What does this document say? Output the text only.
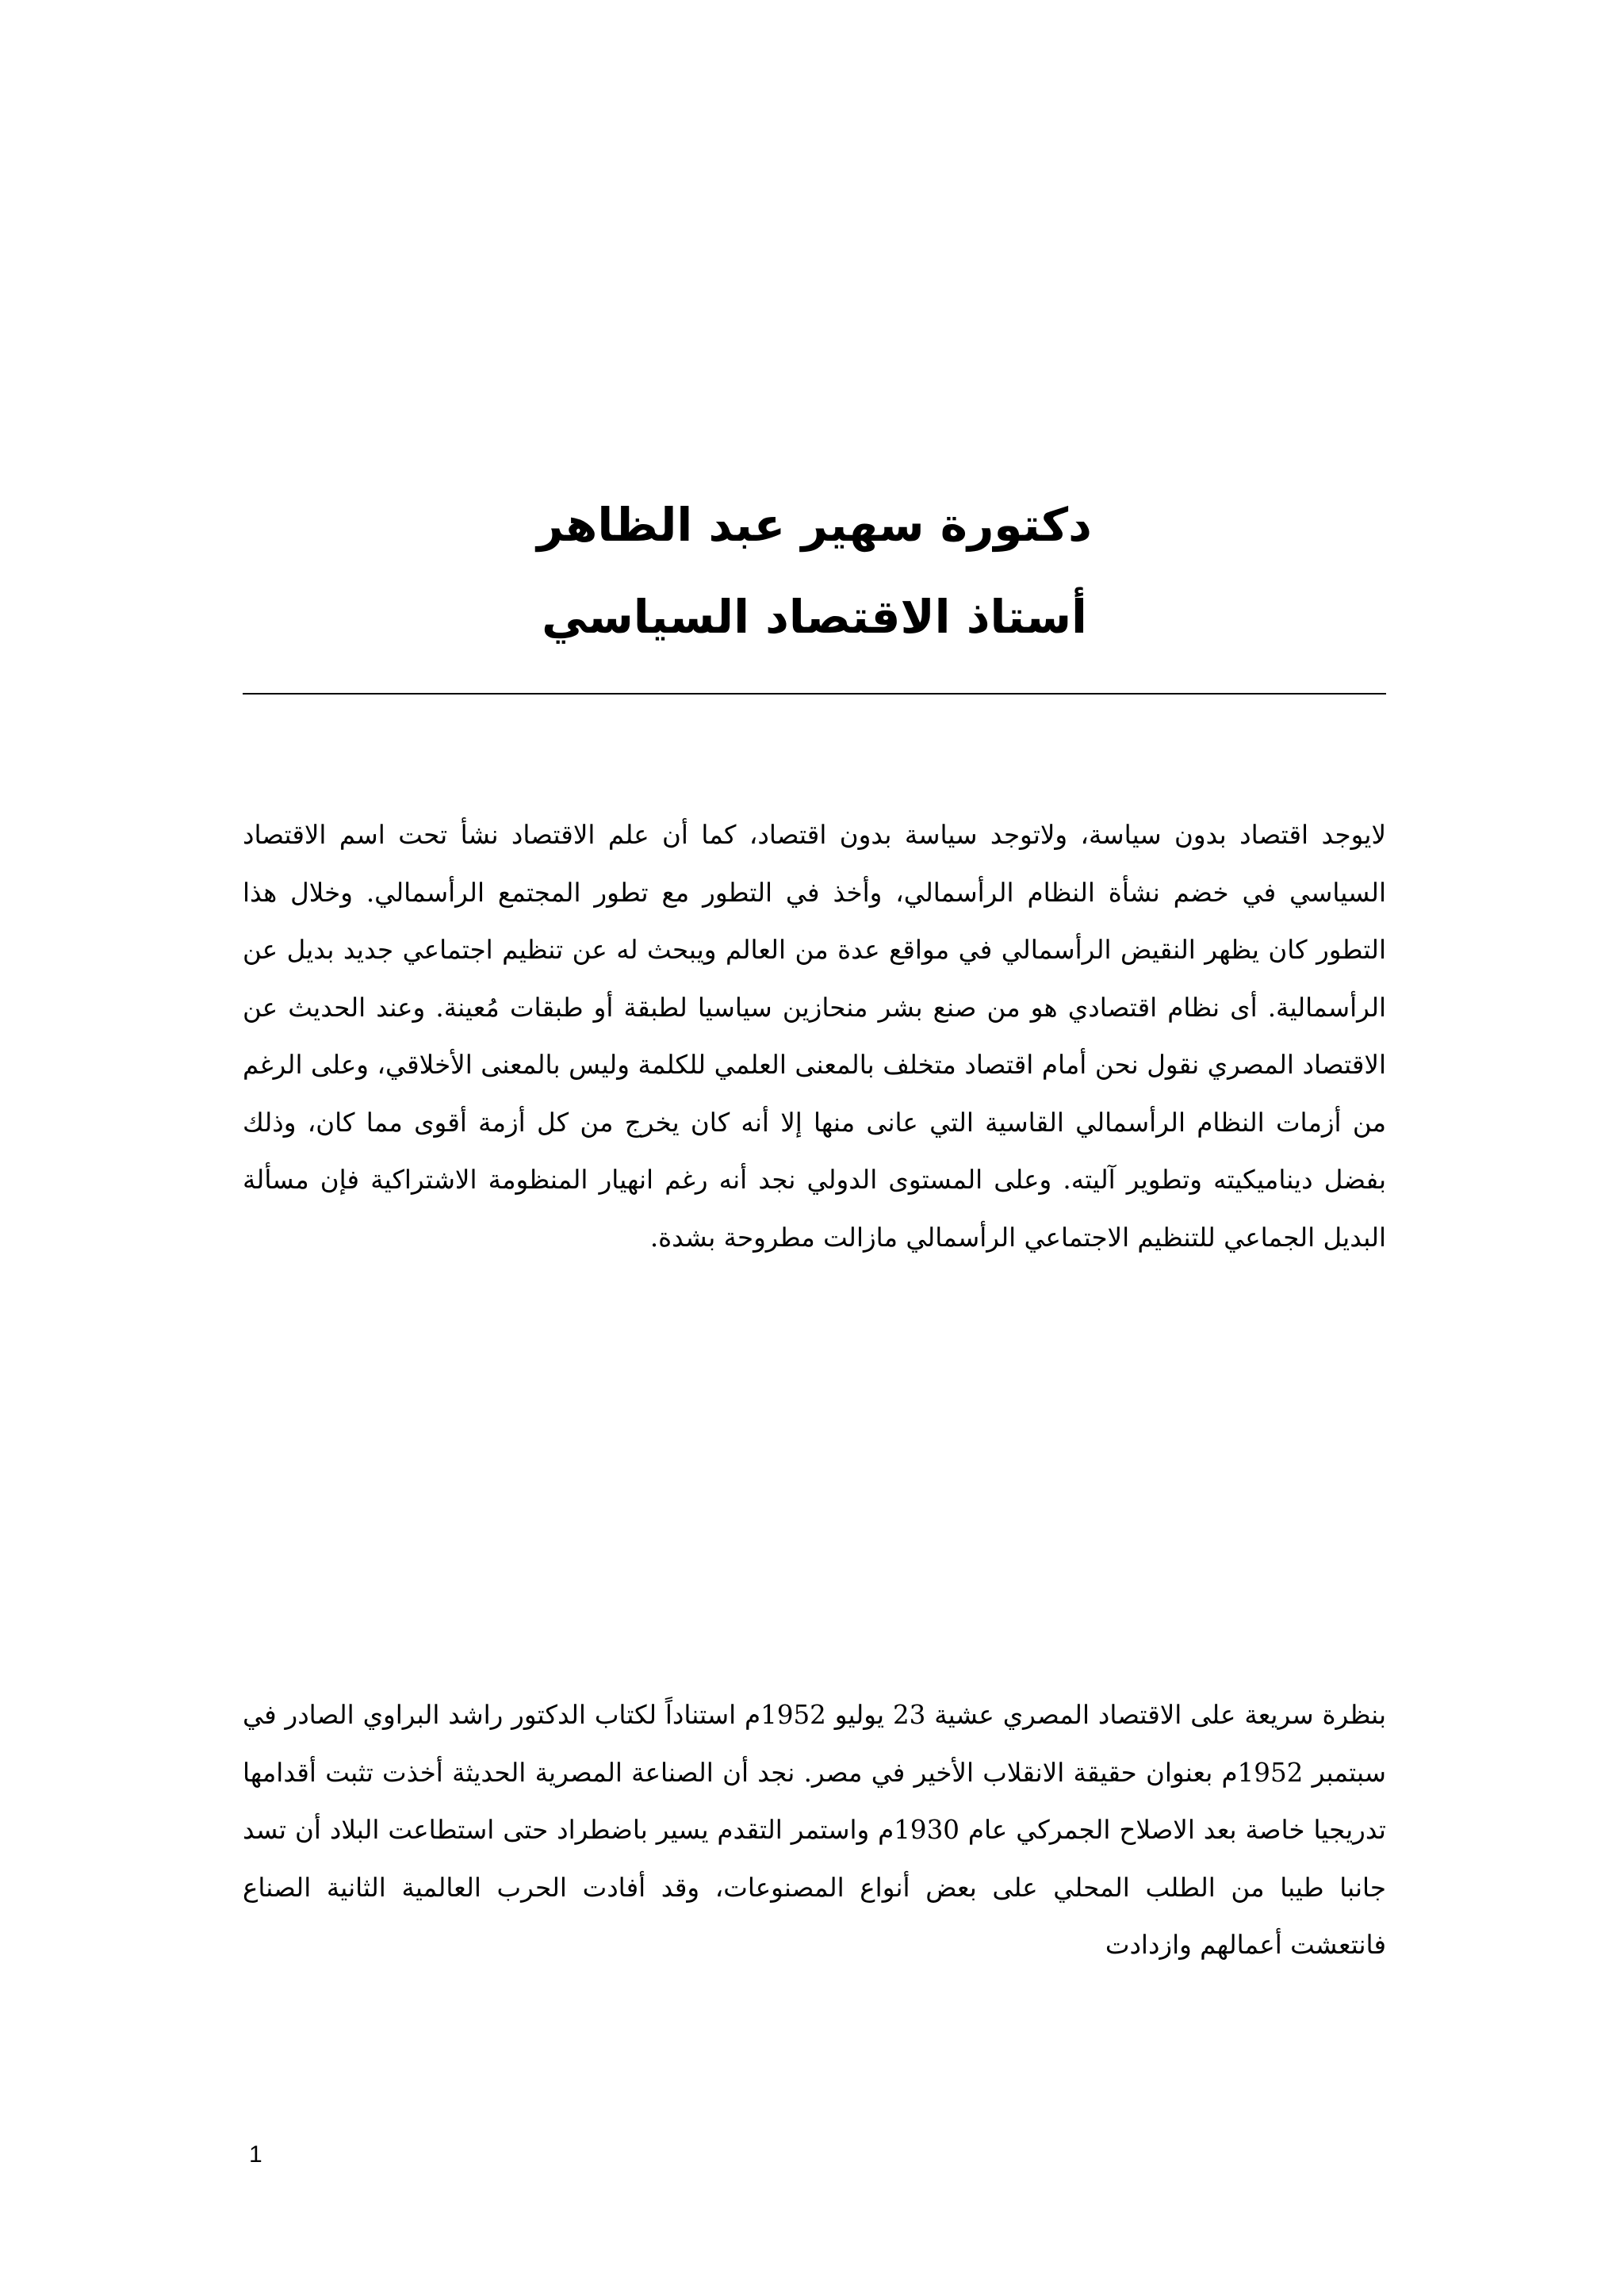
دكتورة سهير عبد الظاهر

أستاذ الاقتصاد السياسي

لايوجد اقتصاد بدون سياسة، ولاتوجد سياسة بدون اقتصاد، كما أن علم الاقتصاد نشأ تحت اسم الاقتصاد السياسي في خضم نشأة النظام الرأسمالي، وأخذ في التطور مع تطور المجتمع الرأسمالي. وخلال هذا التطور كان يظهر النقيض الرأسمالي في مواقع عدة من العالم ويبحث له عن تنظيم اجتماعي جديد بديل عن الرأسمالية. أى نظام اقتصادي هو من صنع بشر منحازين سياسيا لطبقة أو طبقات مُعينة. وعند الحديث عن الاقتصاد المصري نقول نحن أمام اقتصاد متخلف بالمعنى العلمي للكلمة وليس بالمعنى الأخلاقي، وعلى الرغم من أزمات النظام الرأسمالي القاسية التي عانى منها إلا أنه كان يخرج من كل أزمة أقوى مما كان، وذلك بفضل ديناميكيته وتطوير آليته. وعلى المستوى الدولي نجد أنه رغم انهيار المنظومة الاشتراكية فإن مسألة البديل الجماعي للتنظيم الاجتماعي الرأسمالي مازالت مطروحة بشدة.

بنظرة سريعة على الاقتصاد المصري عشية 23 يوليو 1952م استناداً لكتاب الدكتور راشد البراوي الصادر في سبتمبر 1952م بعنوان حقيقة الانقلاب الأخير في مصر. نجد أن الصناعة المصرية الحديثة أخذت تثبت أقدامها تدريجيا خاصة بعد الاصلاح الجمركي عام 1930م واستمر التقدم يسير باضطراد حتى استطاعت البلاد أن تسد جانبا طيبا من الطلب المحلي على بعض أنواع المصنوعات، وقد أفادت الحرب العالمية الثانية الصناع فانتعشت أعمالهم وازدادت

1
